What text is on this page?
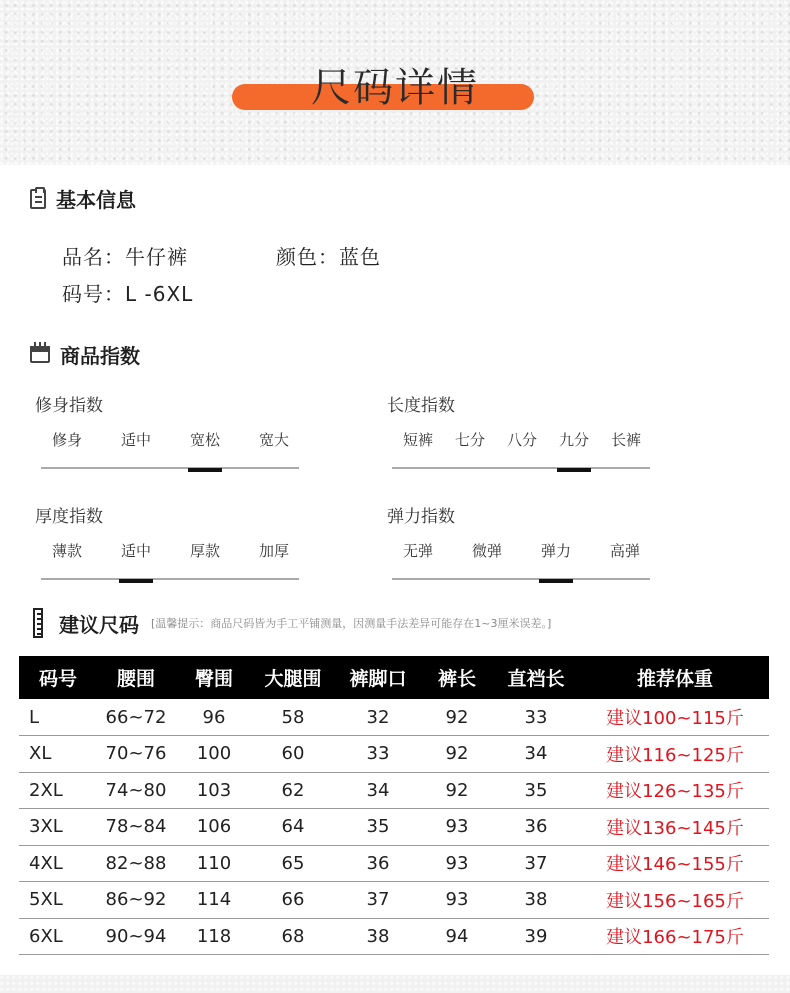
尺码详情
基本信息
品名：牛仔裤	颜色：蓝色
码号：L -6XL
商品指数
修身指数
修身	适中	宽松	宽大
长度指数
短裤	七分	八分	九分	长裤
厚度指数
薄款	适中	厚款	加厚
弹力指数
无弹	微弹	弹力	高弹
建议尺码 [温馨提示：商品尺码皆为手工平铺测量，因测量手法差异可能存在1~3厘米误差。]
码号	腰围	臀围	大腿围	裤脚口	裤长	直裆长	推荐体重
L	66~72	96	58	32	92	33	建议100~115斤
XL	70~76	100	60	33	92	34	建议116~125斤
2XL	74~80	103	62	34	92	35	建议126~135斤
3XL	78~84	106	64	35	93	36	建议136~145斤
4XL	82~88	110	65	36	93	37	建议146~155斤
5XL	86~92	114	66	37	93	38	建议156~165斤
6XL	90~94	118	68	38	94	39	建议166~175斤
